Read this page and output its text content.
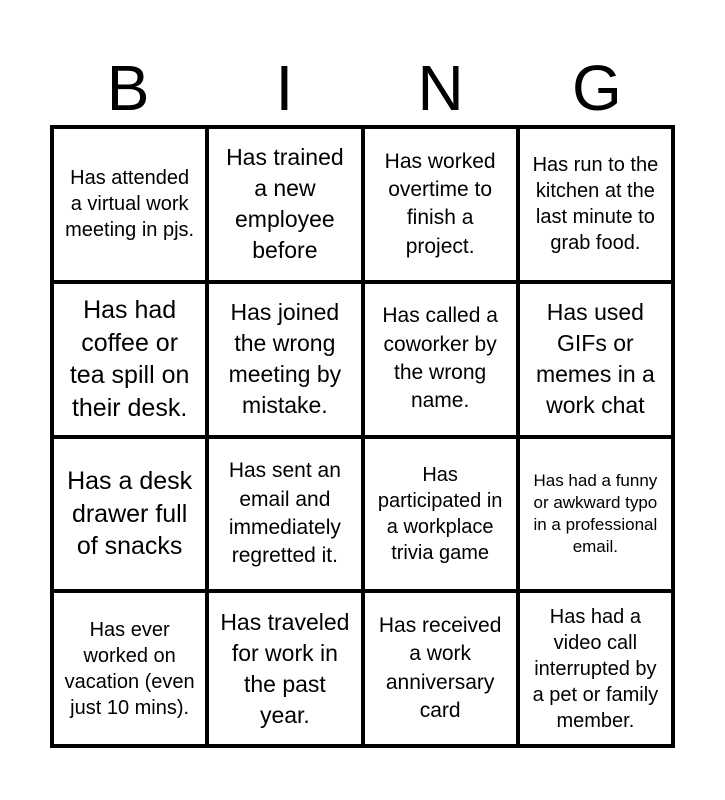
B	I	N	G
Has attended a virtual work meeting in pjs.
Has trained a new employee before
Has worked overtime to finish a project.
Has run to the kitchen at the last minute to grab food.
Has had coffee or tea spill on their desk.
Has joined the wrong meeting by mistake.
Has called a coworker by the wrong name.
Has used GIFs or memes in a work chat
Has a desk drawer full of snacks
Has sent an email and immediately regretted it.
Has participated in a workplace trivia game
Has had a funny or awkward typo in a professional email.
Has ever worked on vacation (even just 10 mins).
Has traveled for work in the past year.
Has received a work anniversary card
Has had a video call interrupted by a pet or family member.
